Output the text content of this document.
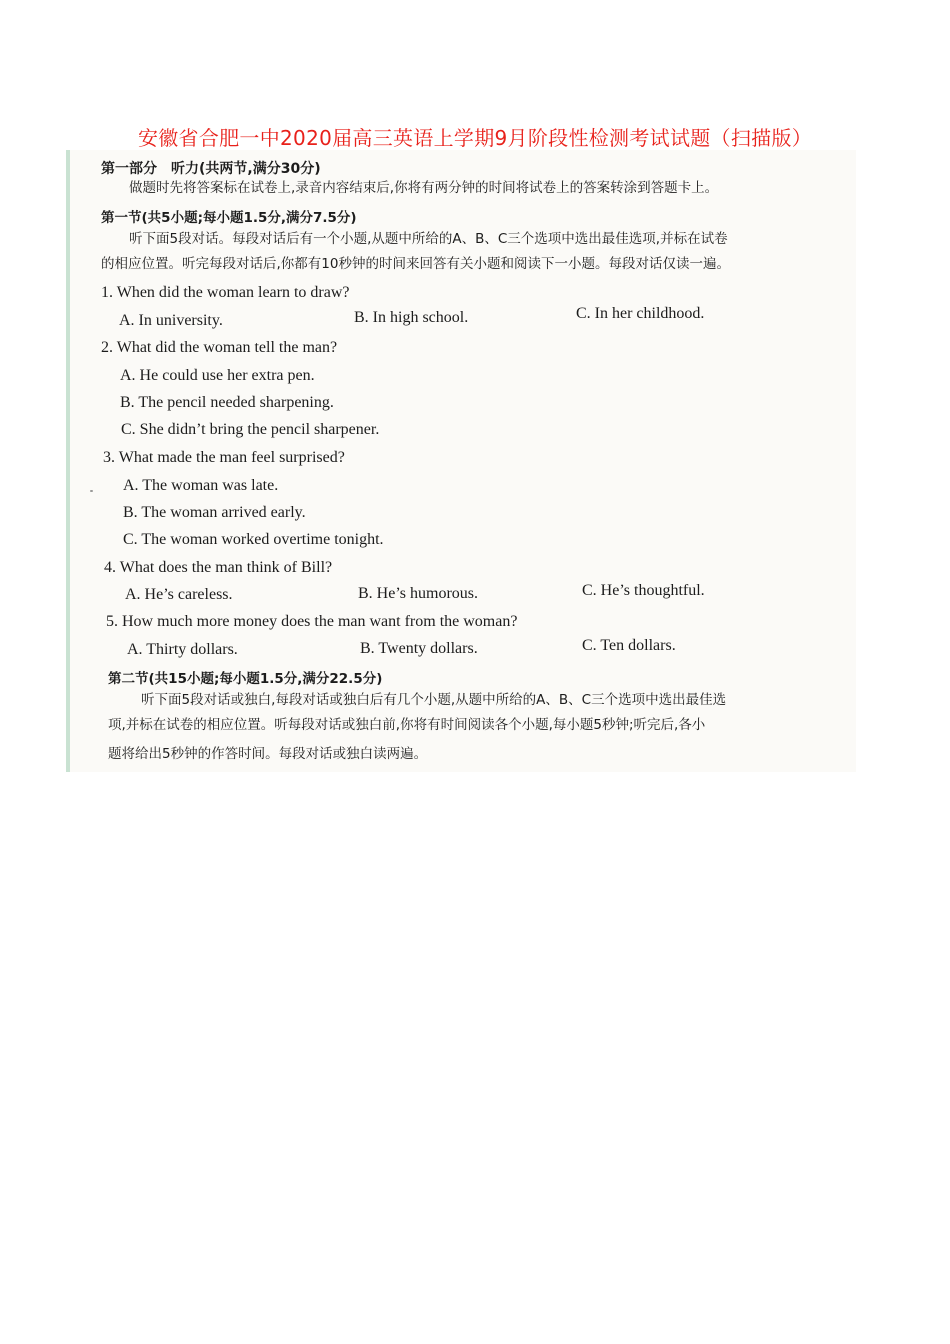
安徽省合肥一中2020届高三英语上学期9月阶段性检测考试试题（扫描版）
第一部分　听力(共两节,满分30分)
做题时先将答案标在试卷上,录音内容结束后,你将有两分钟的时间将试卷上的答案转涂到答题卡上。
第一节(共5小题;每小题1.5分,满分7.5分)
听下面5段对话。每段对话后有一个小题,从题中所给的A、B、C三个选项中选出最佳选项,并标在试卷
的相应位置。听完每段对话后,你都有10秒钟的时间来回答有关小题和阅读下一小题。每段对话仅读一遍。
1. When did the woman learn to draw?
A. In university.	B. In high school.	C. In her childhood.
2. What did the woman tell the man?
A. He could use her extra pen.
B. The pencil needed sharpening.
C. She didn’t bring the pencil sharpener.
3. What made the man feel surprised?
A. The woman was late.
B. The woman arrived early.
C. The woman worked overtime tonight.
4. What does the man think of Bill?
A. He’s careless.	B. He’s humorous.	C. He’s thoughtful.
5. How much more money does the man want from the woman?
A. Thirty dollars.	B. Twenty dollars.	C. Ten dollars.
第二节(共15小题;每小题1.5分,满分22.5分)
听下面5段对话或独白,每段对话或独白后有几个小题,从题中所给的A、B、C三个选项中选出最佳选
项,并标在试卷的相应位置。听每段对话或独白前,你将有时间阅读各个小题,每小题5秒钟;听完后,各小
题将给出5秒钟的作答时间。每段对话或独白读两遍。
